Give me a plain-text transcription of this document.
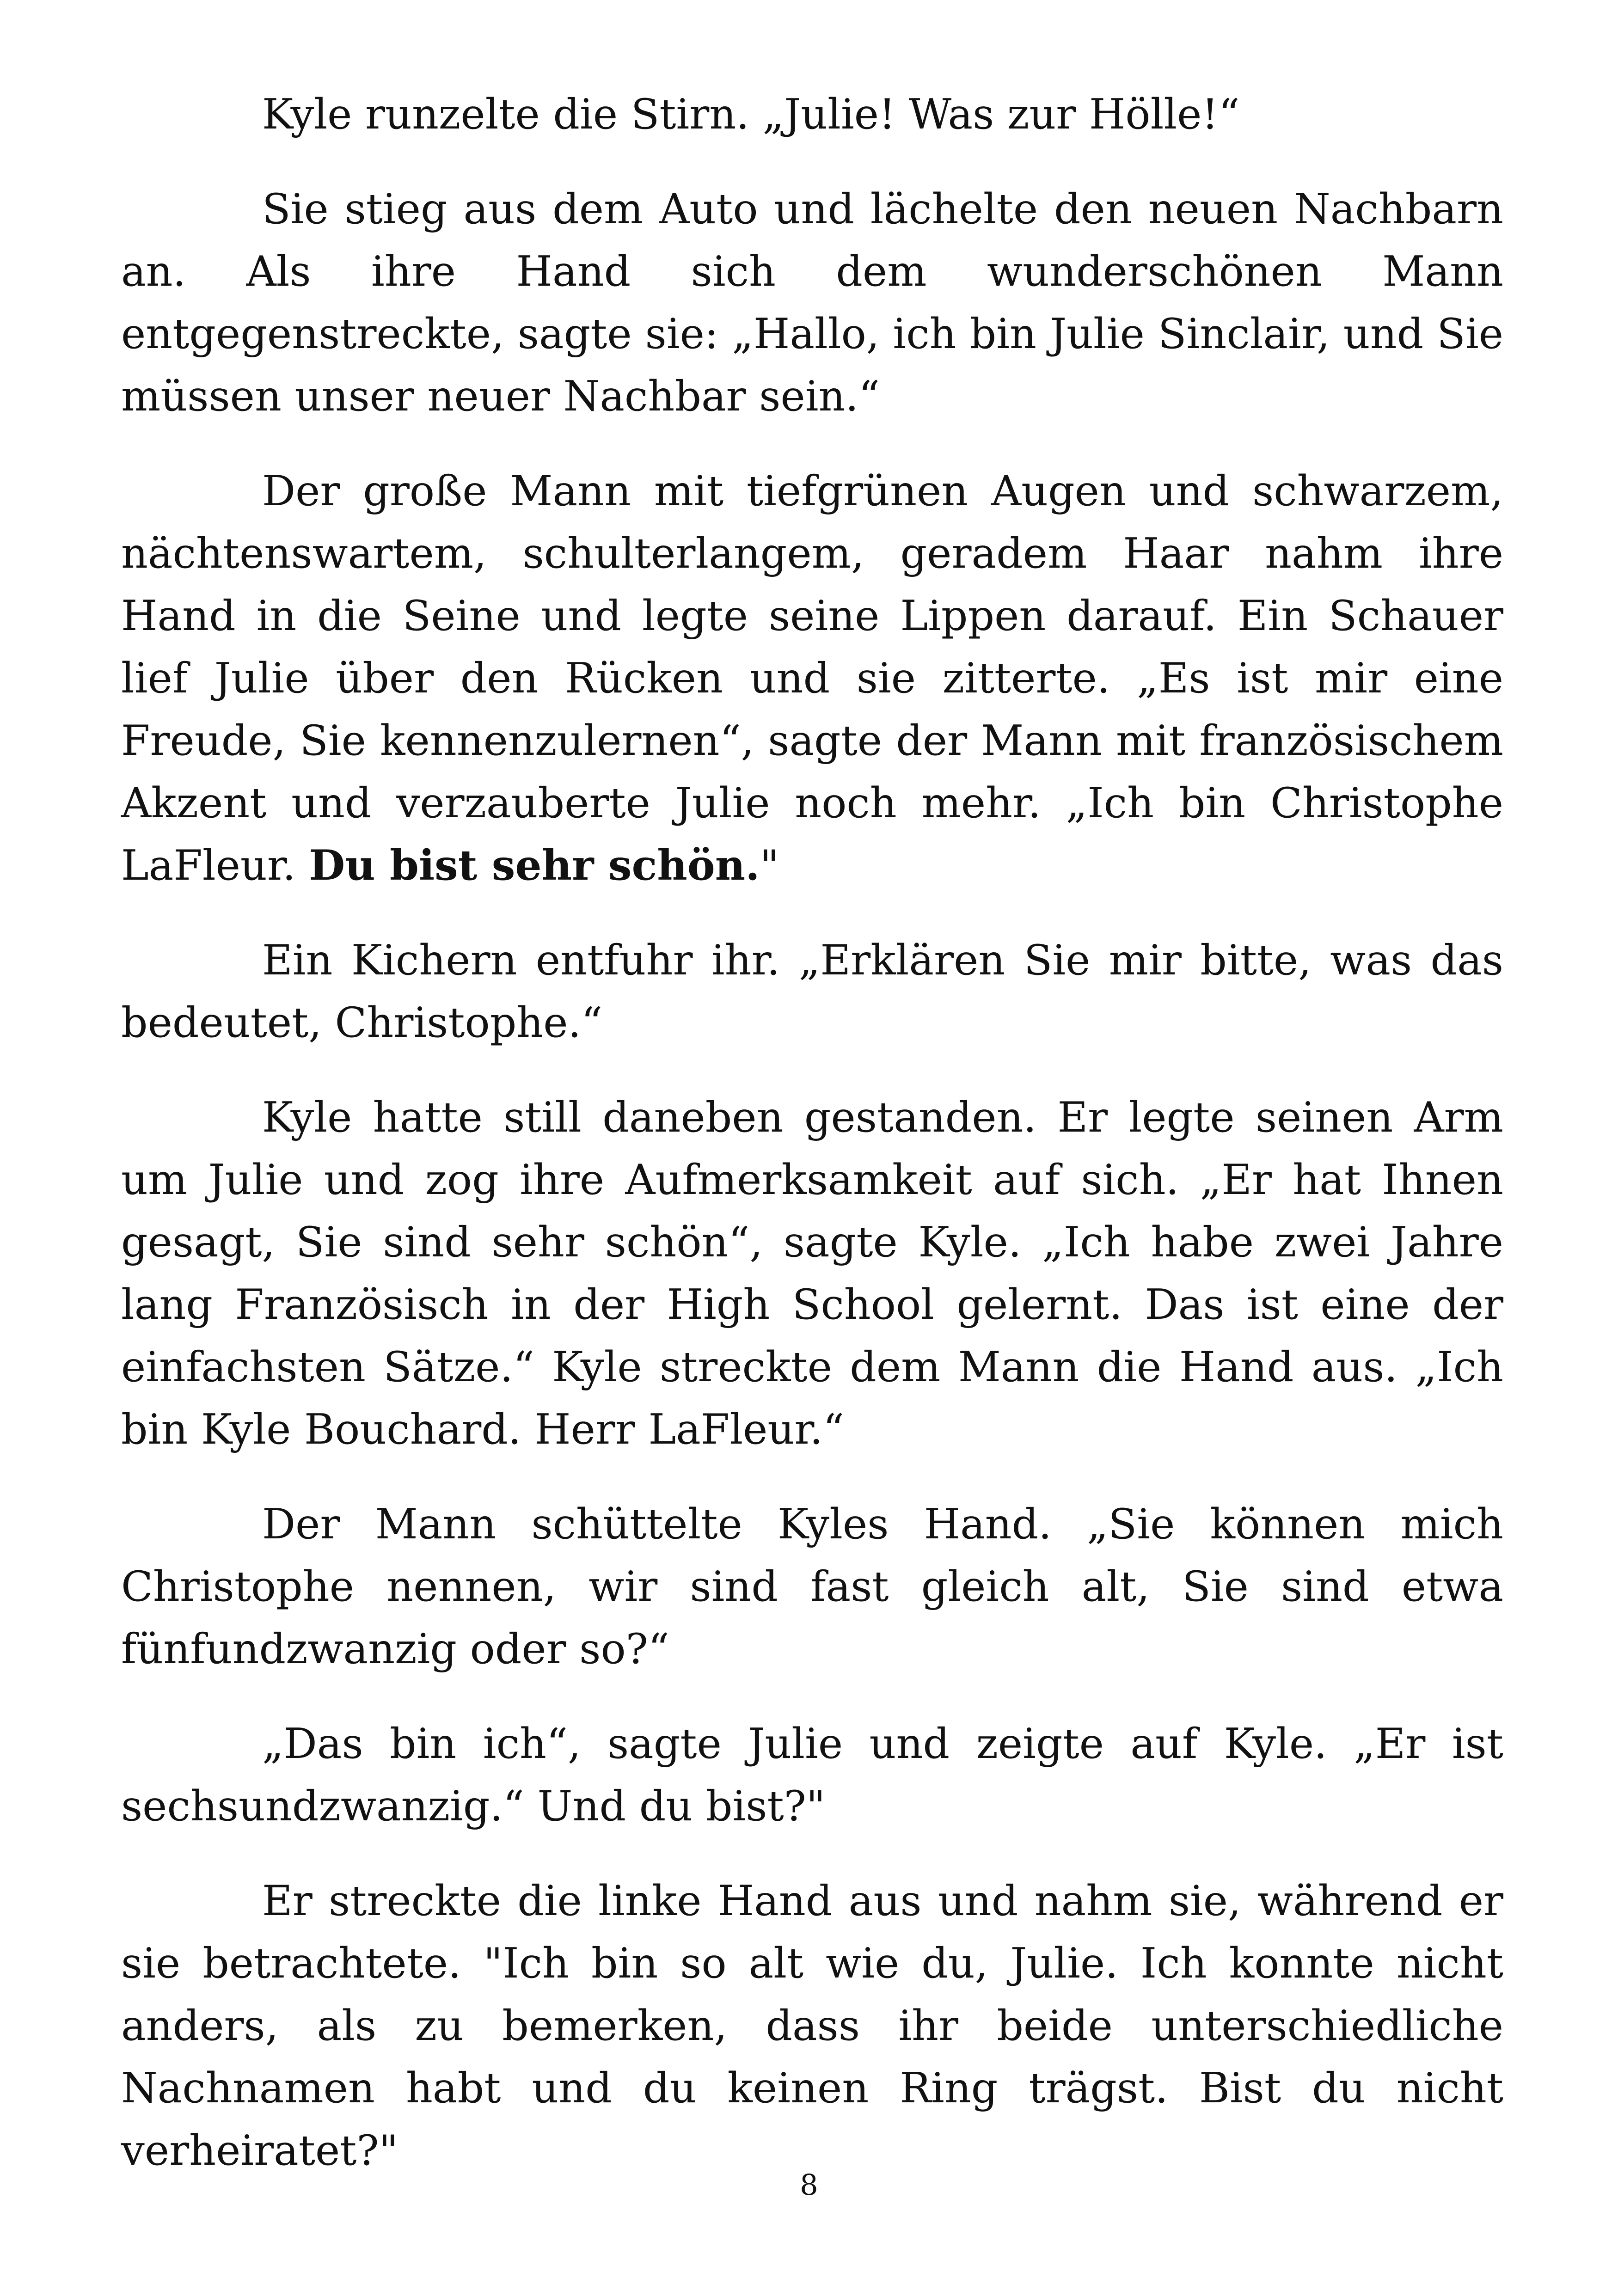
Kyle runzelte die Stirn. „Julie! Was zur Hölle!“

Sie stieg aus dem Auto und lächelte den neuen Nachbarn an. Als ihre Hand sich dem wunderschönen Mann entgegenstreckte, sagte sie: „Hallo, ich bin Julie Sinclair, und Sie müssen unser neuer Nachbar sein.“

Der große Mann mit tiefgrünen Augen und schwarzem, nächtenswartem, schulterlangem, geradem Haar nahm ihre Hand in die Seine und legte seine Lippen darauf. Ein Schauer lief Julie über den Rücken und sie zitterte. „Es ist mir eine Freude, Sie kennenzulernen“, sagte der Mann mit französischem Akzent und verzauberte Julie noch mehr. „Ich bin Christophe LaFleur. Du bist sehr schön."

Ein Kichern entfuhr ihr. „Erklären Sie mir bitte, was das bedeutet, Christophe.“

Kyle hatte still daneben gestanden. Er legte seinen Arm um Julie und zog ihre Aufmerksamkeit auf sich. „Er hat Ihnen gesagt, Sie sind sehr schön“, sagte Kyle. „Ich habe zwei Jahre lang Französisch in der High School gelernt. Das ist eine der einfachsten Sätze.“ Kyle streckte dem Mann die Hand aus. „Ich bin Kyle Bouchard. Herr LaFleur.“

Der Mann schüttelte Kyles Hand. „Sie können mich Christophe nennen, wir sind fast gleich alt, Sie sind etwa fünfundzwanzig oder so?“

„Das bin ich“, sagte Julie und zeigte auf Kyle. „Er ist sechsundzwanzig.“ Und du bist?"

Er streckte die linke Hand aus und nahm sie, während er sie betrachtete. "Ich bin so alt wie du, Julie. Ich konnte nicht anders, als zu bemerken, dass ihr beide unterschiedliche Nachnamen habt und du keinen Ring trägst. Bist du nicht verheiratet?"

8
